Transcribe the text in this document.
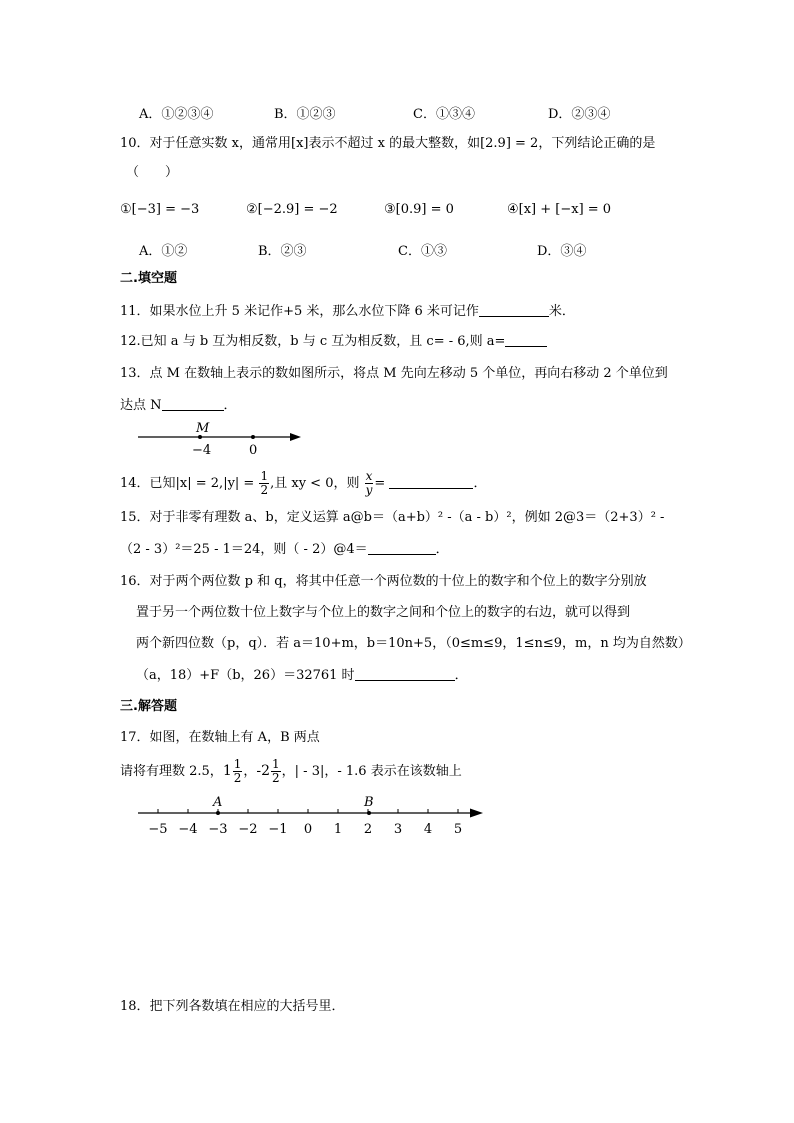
A．①②③④	B．①②③	C．①③④	D．②③④
10．对于任意实数 x，通常用[x]表示不超过 x 的最大整数，如[2.9] = 2，下列结论正确的是
（　　）
①[−3] = −3	②[−2.9] = −2	③[0.9] = 0	④[x] + [−x] = 0
A．①②	B．②③	C．①③	D．③④
二.填空题
11．如果水位上升 5 米记作+5 米，那么水位下降 6 米可记作	米．
12.已知 a 与 b 互为相反数，b 与 c 互为相反数，且 c= - 6,则 a=
13．点 M 在数轴上表示的数如图所示，将点 M 先向左移动 5 个单位，再向右移动 2 个单位到
达点 N	．
M
−4	0
14．已知$|x| = 2,|y| = \frac{1}{2}$ ,且 xy < 0，则 $\frac{x}{y}$ =	．
15．对于非零有理数 a、b，定义运算 a@b＝（a+b）² -（a - b）²，例如 2@3＝（2+3）² -
（2 - 3）²＝25 - 1＝24，则（ - 2）@4＝	．
16．对于两个两位数 p 和 q，将其中任意一个两位数的十位上的数字和个位上的数字分别放
置于另一个两位数十位上数字与个位上的数字之间和个位上的数字的右边，就可以得到
两个新四位数（p，q）．若 a＝10+m，b＝10n+5，（0≤m≤9，1≤n≤9，m，n 均为自然数）
（a，18）+F（b，26）＝32761 时	．
三.解答题
17．如图，在数轴上有 A，B 两点
请将有理数 2.5，$1 \frac{1}{2}$ ，$-2 \frac{1}{2}$ ，| - 3|，- 1.6 表示在该数轴上
−5 −4 −3 −2 −1 0 1 2 3 4 5
A	B
18．把下列各数填在相应的大括号里．
